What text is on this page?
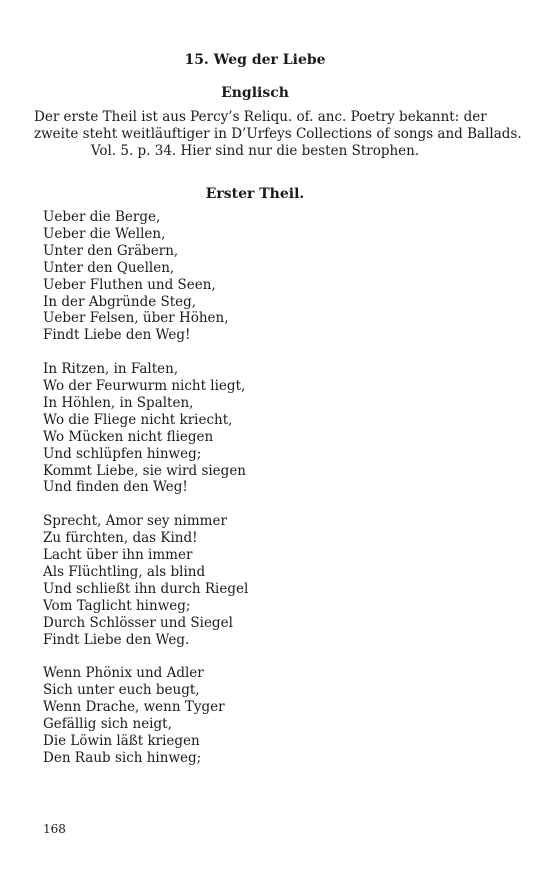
15. Weg der Liebe
Englisch
Der erste Theil ist aus Percy’s Reliqu. of. anc. Poetry bekannt: der
zweite steht weitläuftiger in D’Urfeys Collections of songs and Ballads.
Vol. 5. p. 34. Hier sind nur die besten Strophen.
Erster Theil.
Ueber die Berge,
Ueber die Wellen,
Unter den Gräbern,
Unter den Quellen,
Ueber Fluthen und Seen,
In der Abgründe Steg,
Ueber Felsen, über Höhen,
Findt Liebe den Weg!
In Ritzen, in Falten,
Wo der Feurwurm nicht liegt,
In Höhlen, in Spalten,
Wo die Fliege nicht kriecht,
Wo Mücken nicht fliegen
Und schlüpfen hinweg;
Kommt Liebe, sie wird siegen
Und finden den Weg!
Sprecht, Amor sey nimmer
Zu fürchten, das Kind!
Lacht über ihn immer
Als Flüchtling, als blind
Und schließt ihn durch Riegel
Vom Taglicht hinweg;
Durch Schlösser und Siegel
Findt Liebe den Weg.
Wenn Phönix und Adler
Sich unter euch beugt,
Wenn Drache, wenn Tyger
Gefällig sich neigt,
Die Löwin läßt kriegen
Den Raub sich hinweg;
168
